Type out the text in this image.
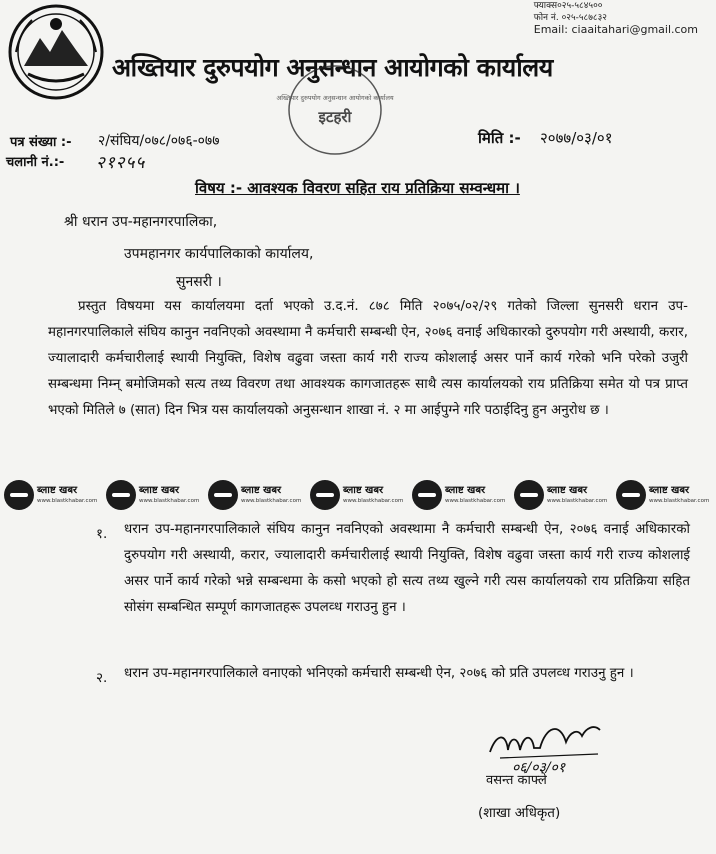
फ्याक्स०२५-५८४५००
फोन नं. ०२५-५८७८३२
Email: ciaaitahari@gmail.com
अख्तियार दुरुपयोग अनुसन्धान आयोगको कार्यालय
अख्तियार दुरुपयोग अनुसन्धान आयोगको कार्यालय
इटहरी
पत्र संख्या :- २/संघिय/०७८/०७६-०७७
चलानी नं.:- २१२५५
मिति :- २०७७/०३/०१
विषय :- आवश्यक विवरण सहित राय प्रतिक्रिया सम्वन्धमा ।
श्री धरान उप-महानगरपालिका,
उपमहानगर कार्यपालिकाको कार्यालय,
सुनसरी ।
प्रस्तुत विषयमा यस कार्यालयमा दर्ता भएको उ.द.नं. ८७८ मिति २०७५/०२/२९ गतेको जिल्ला सुनसरी धरान उप-महानगरपालिकाले संघिय कानुन नवनिएको अवस्थामा नै कर्मचारी सम्बन्धी ऐन, २०७६ वनाई अधिकारको दुरुपयोग गरी अस्थायी, करार, ज्यालादारी कर्मचारीलाई स्थायी नियुक्ति, विशेष वढुवा जस्ता कार्य गरी राज्य कोशलाई असर पार्ने कार्य गरेको भनि परेको उजुरी सम्बन्धमा निम्न् बमोजिमको सत्य तथ्य विवरण तथा आवश्यक कागजातहरू साथै त्यस कार्यालयको राय प्रतिक्रिया समेत यो पत्र प्राप्त भएको मितिले ७ (सात) दिन भित्र यस कार्यालयको अनुसन्धान शाखा नं. २ मा आईपुग्ने गरि पठाईदिनु हुन अनुरोध छ ।
ब्लाष्ट खबर
www.blastkhabar.com
ब्लाष्ट खबर
www.blastkhabar.com
ब्लाष्ट खबर
www.blastkhabar.com
ब्लाष्ट खबर
www.blastkhabar.com
ब्लाष्ट खबर
www.blastkhabar.com
ब्लाष्ट खबर
www.blastkhabar.com
ब्लाष्ट खबर
www.blastkhabar.com
१. धरान उप-महानगरपालिकाले संघिय कानुन नवनिएको अवस्थामा नै कर्मचारी सम्बन्धी ऐन, २०७६ वनाई अधिकारको दुरुपयोग गरी अस्थायी, करार, ज्यालादारी कर्मचारीलाई स्थायी नियुक्ति, विशेष वढुवा जस्ता कार्य गरी राज्य कोशलाई असर पार्ने कार्य गरेको भन्ने सम्बन्धमा के कसो भएको हो सत्य तथ्य खुल्ने गरी त्यस कार्यालयको राय प्रतिक्रिया सहित सोसंग सम्बन्धित सम्पूर्ण कागजातहरू उपलव्ध गराउनु हुन ।
२. धरान उप-महानगरपालिकाले वनाएको भनिएको कर्मचारी सम्बन्धी ऐन, २०७६ को प्रति उपलव्ध गराउनु हुन ।
०६/०३/०१
वसन्त काफ्ले
(शाखा अधिकृत)
